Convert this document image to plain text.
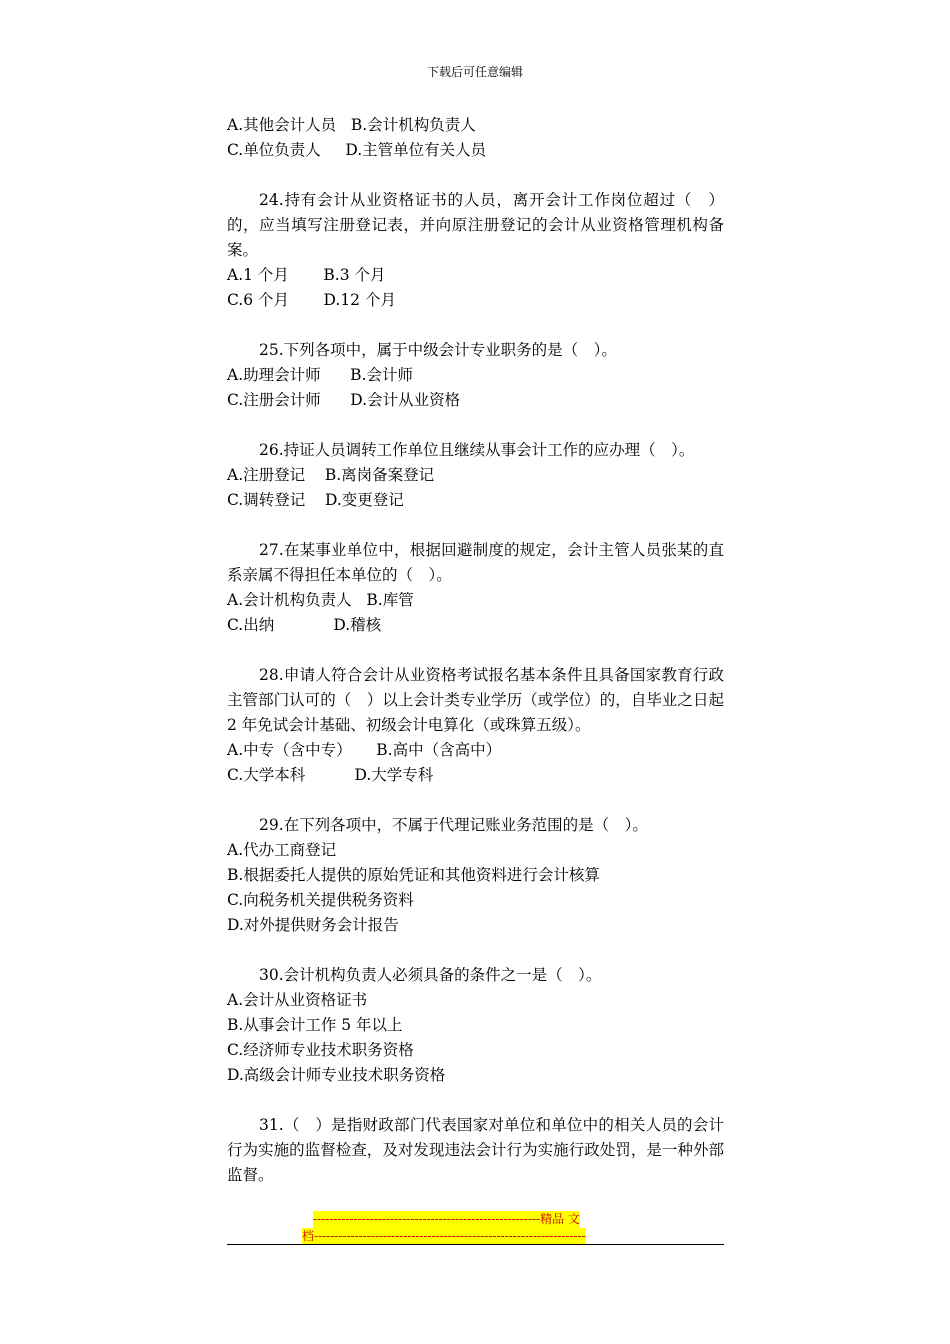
下载后可任意编辑
A.其他会计人员   B.会计机构负责人
C.单位负责人     D.主管单位有关人员
24.持有会计从业资格证书的人员，离开会计工作岗位超过（　）的，应当填写注册登记表，并向原注册登记的会计从业资格管理机构备案。
A.1 个月       B.3 个月
C.6 个月       D.12 个月
25.下列各项中，属于中级会计专业职务的是（　）。
A.助理会计师      B.会计师
C.注册会计师      D.会计从业资格
26.持证人员调转工作单位且继续从事会计工作的应办理（　）。
A.注册登记    B.离岗备案登记
C.调转登记    D.变更登记
27.在某事业单位中，根据回避制度的规定，会计主管人员张某的直系亲属不得担任本单位的（　）。
A.会计机构负责人   B.库管
C.出纳            D.稽核
28.申请人符合会计从业资格考试报名基本条件且具备国家教育行政主管部门认可的（　）以上会计类专业学历（或学位）的，自毕业之日起 2 年免试会计基础、初级会计电算化（或珠算五级）。
A.中专（含中专）     B.高中（含高中）
C.大学本科          D.大学专科
29.在下列各项中，不属于代理记账业务范围的是（　）。
A.代办工商登记
B.根据委托人提供的原始凭证和其他资料进行会计核算
C.向税务机关提供税务资料
D.对外提供财务会计报告
30.会计机构负责人必须具备的条件之一是（　）。
A.会计从业资格证书
B.从事会计工作 5 年以上
C.经济师专业技术职务资格
D.高级会计师专业技术职务资格
31.（　）是指财政部门代表国家对单位和单位中的相关人员的会计行为实施的监督检查，及对发现违法会计行为实施行政处罚，是一种外部监督。
--------------------------------------------------------精品 文
档-------------------------------------------------------------------
